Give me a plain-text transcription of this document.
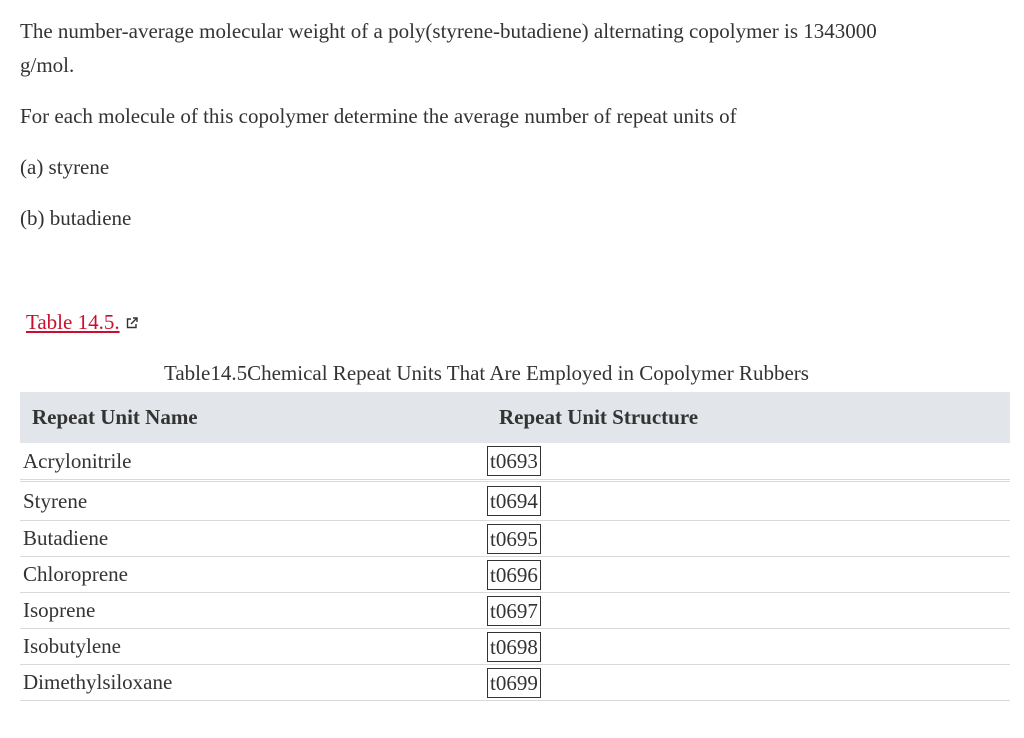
The number-average molecular weight of a poly(styrene-butadiene) alternating copolymer is 1343000 g/mol.

For each molecule of this copolymer determine the average number of repeat units of

(a) styrene

(b) butadiene

Table 14.5.
Table14.5Chemical Repeat Units That Are Employed in Copolymer Rubbers
Repeat Unit Name	Repeat Unit Structure
Acrylonitrile	t0693
Styrene	t0694
Butadiene	t0695
Chloroprene	t0696
Isoprene	t0697
Isobutylene	t0698
Dimethylsiloxane	t0699
